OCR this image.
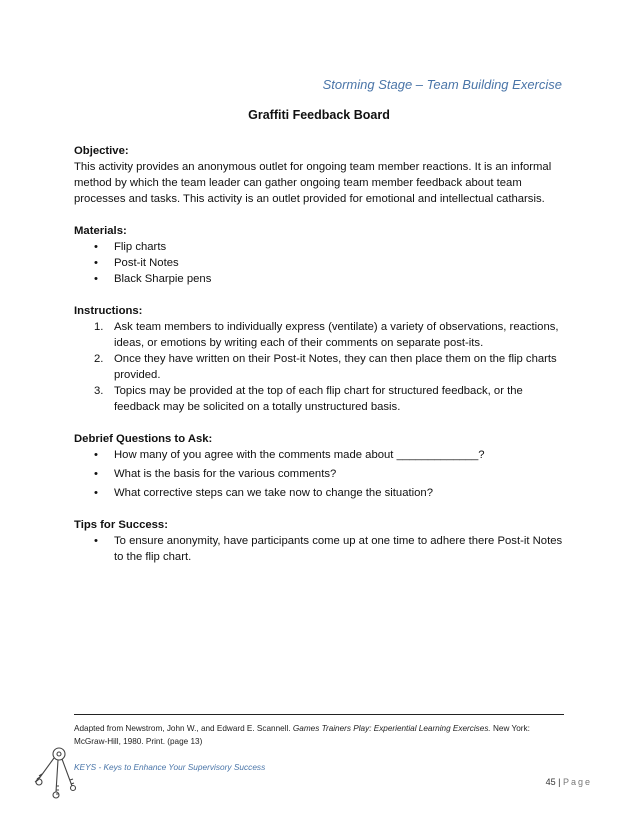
Storming Stage – Team Building Exercise
Graffiti Feedback Board
Objective:

This activity provides an anonymous outlet for ongoing team member reactions. It is an informal method by which the team leader can gather ongoing team member feedback about team processes and tasks. This activity is an outlet provided for emotional and intellectual catharsis.

Materials:
• Flip charts
• Post-it Notes
• Black Sharpie pens
Instructions:
1. Ask team members to individually express (ventilate) a variety of observations, reactions, ideas, or emotions by writing each of their comments on separate post-its.
2. Once they have written on their Post-it Notes, they can then place them on the flip charts provided.
3. Topics may be provided at the top of each flip chart for structured feedback, or the feedback may be solicited on a totally unstructured basis.
Debrief Questions to Ask:
• How many of you agree with the comments made about _____________?
• What is the basis for the various comments?
• What corrective steps can we take now to change the situation?
Tips for Success:
• To ensure anonymity, have participants come up at one time to adhere there Post-it Notes to the flip chart.
Adapted from Newstrom, John W., and Edward E. Scannell. Games Trainers Play: Experiential Learning Exercises. New York: McGraw-Hill, 1980. Print. (page 13)
KEYS - Keys to Enhance Your Supervisory Success
45 | Page
